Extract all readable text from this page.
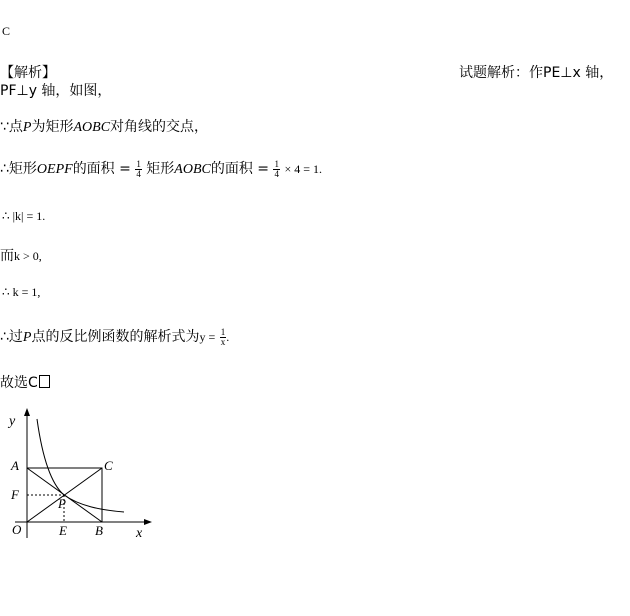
C
【解析】	试题解析：作PE⊥x 轴，
PF⊥y 轴，如图，
∵点P为矩形AOBC对角线的交点，
∴矩形OEPF的面积 = $\frac{1}{4}$ 矩形AOBC的面积 = $\frac{1}{4} \times 4 = 1$.
∴ |k| = 1.
而k > 0,
∴ k = 1,
∴过P点的反比例函数的解析式为$y = \frac{1}{x}$ .
故选C
y
x
A	C
F
P
O	E B
